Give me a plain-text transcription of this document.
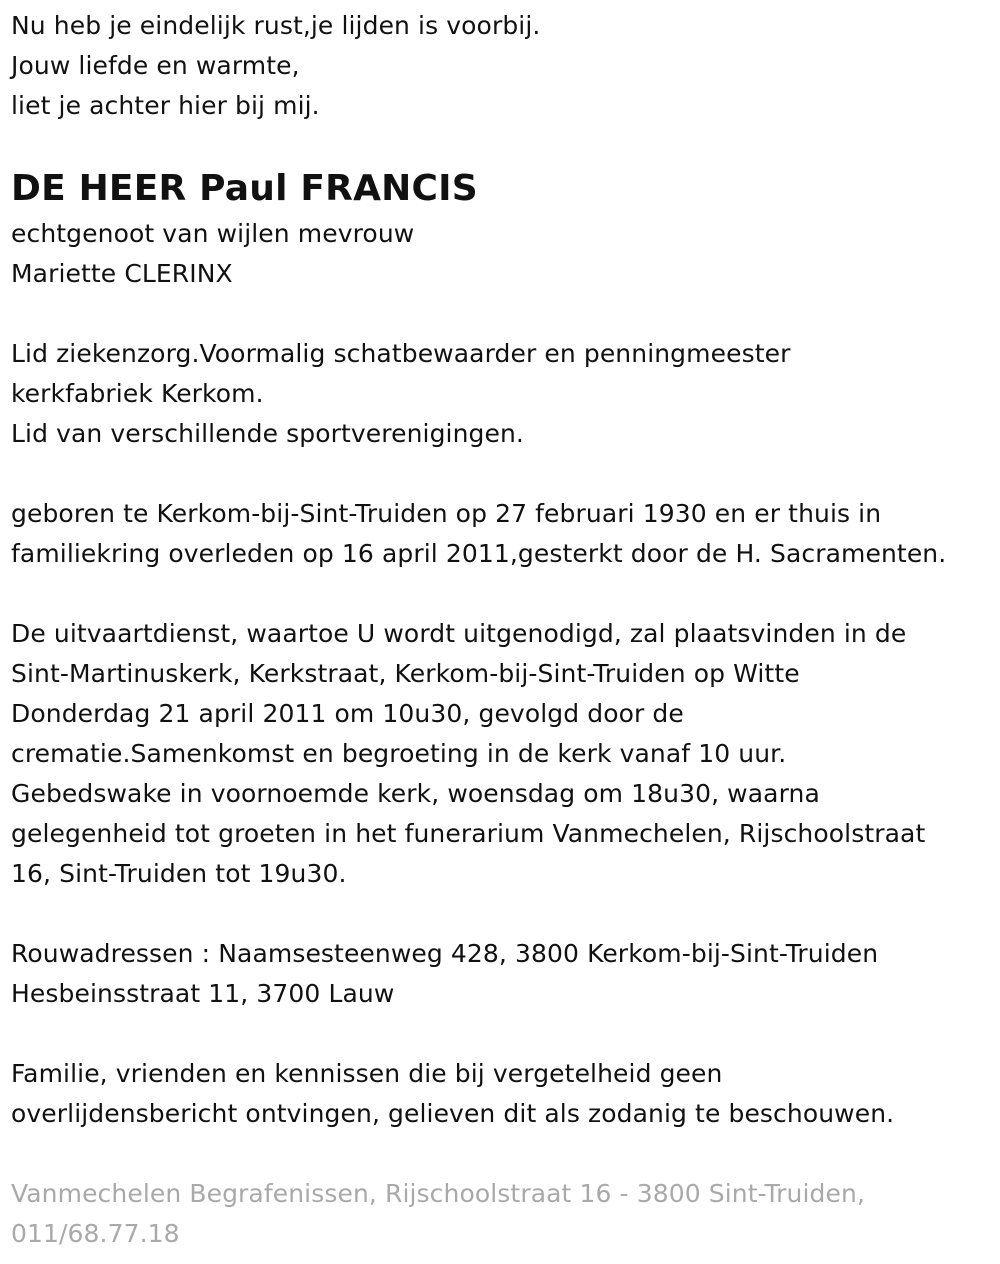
Nu heb je eindelijk rust,je lijden is voorbij.
Jouw liefde en warmte,
liet je achter hier bij mij.
DE HEER Paul FRANCIS
echtgenoot van wijlen mevrouw
Mariette CLERINX
Lid ziekenzorg.Voormalig schatbewaarder en penningmeester
kerkfabriek Kerkom.
Lid van verschillende sportverenigingen.
geboren te Kerkom-bij-Sint-Truiden op 27 februari 1930 en er thuis in
familiekring overleden op 16 april 2011,gesterkt door de H. Sacramenten.
De uitvaartdienst, waartoe U wordt uitgenodigd, zal plaatsvinden in de
Sint-Martinuskerk, Kerkstraat, Kerkom-bij-Sint-Truiden op Witte
Donderdag 21 april 2011 om 10u30, gevolgd door de
crematie.Samenkomst en begroeting in de kerk vanaf 10 uur.
Gebedswake in voornoemde kerk, woensdag om 18u30, waarna
gelegenheid tot groeten in het funerarium Vanmechelen, Rijschoolstraat
16, Sint-Truiden tot 19u30.
Rouwadressen : Naamsesteenweg 428, 3800 Kerkom-bij-Sint-Truiden
Hesbeinsstraat 11, 3700 Lauw
Familie, vrienden en kennissen die bij vergetelheid geen
overlijdensbericht ontvingen, gelieven dit als zodanig te beschouwen.
Vanmechelen Begrafenissen, Rijschoolstraat 16 - 3800 Sint-Truiden,
011/68.77.18
